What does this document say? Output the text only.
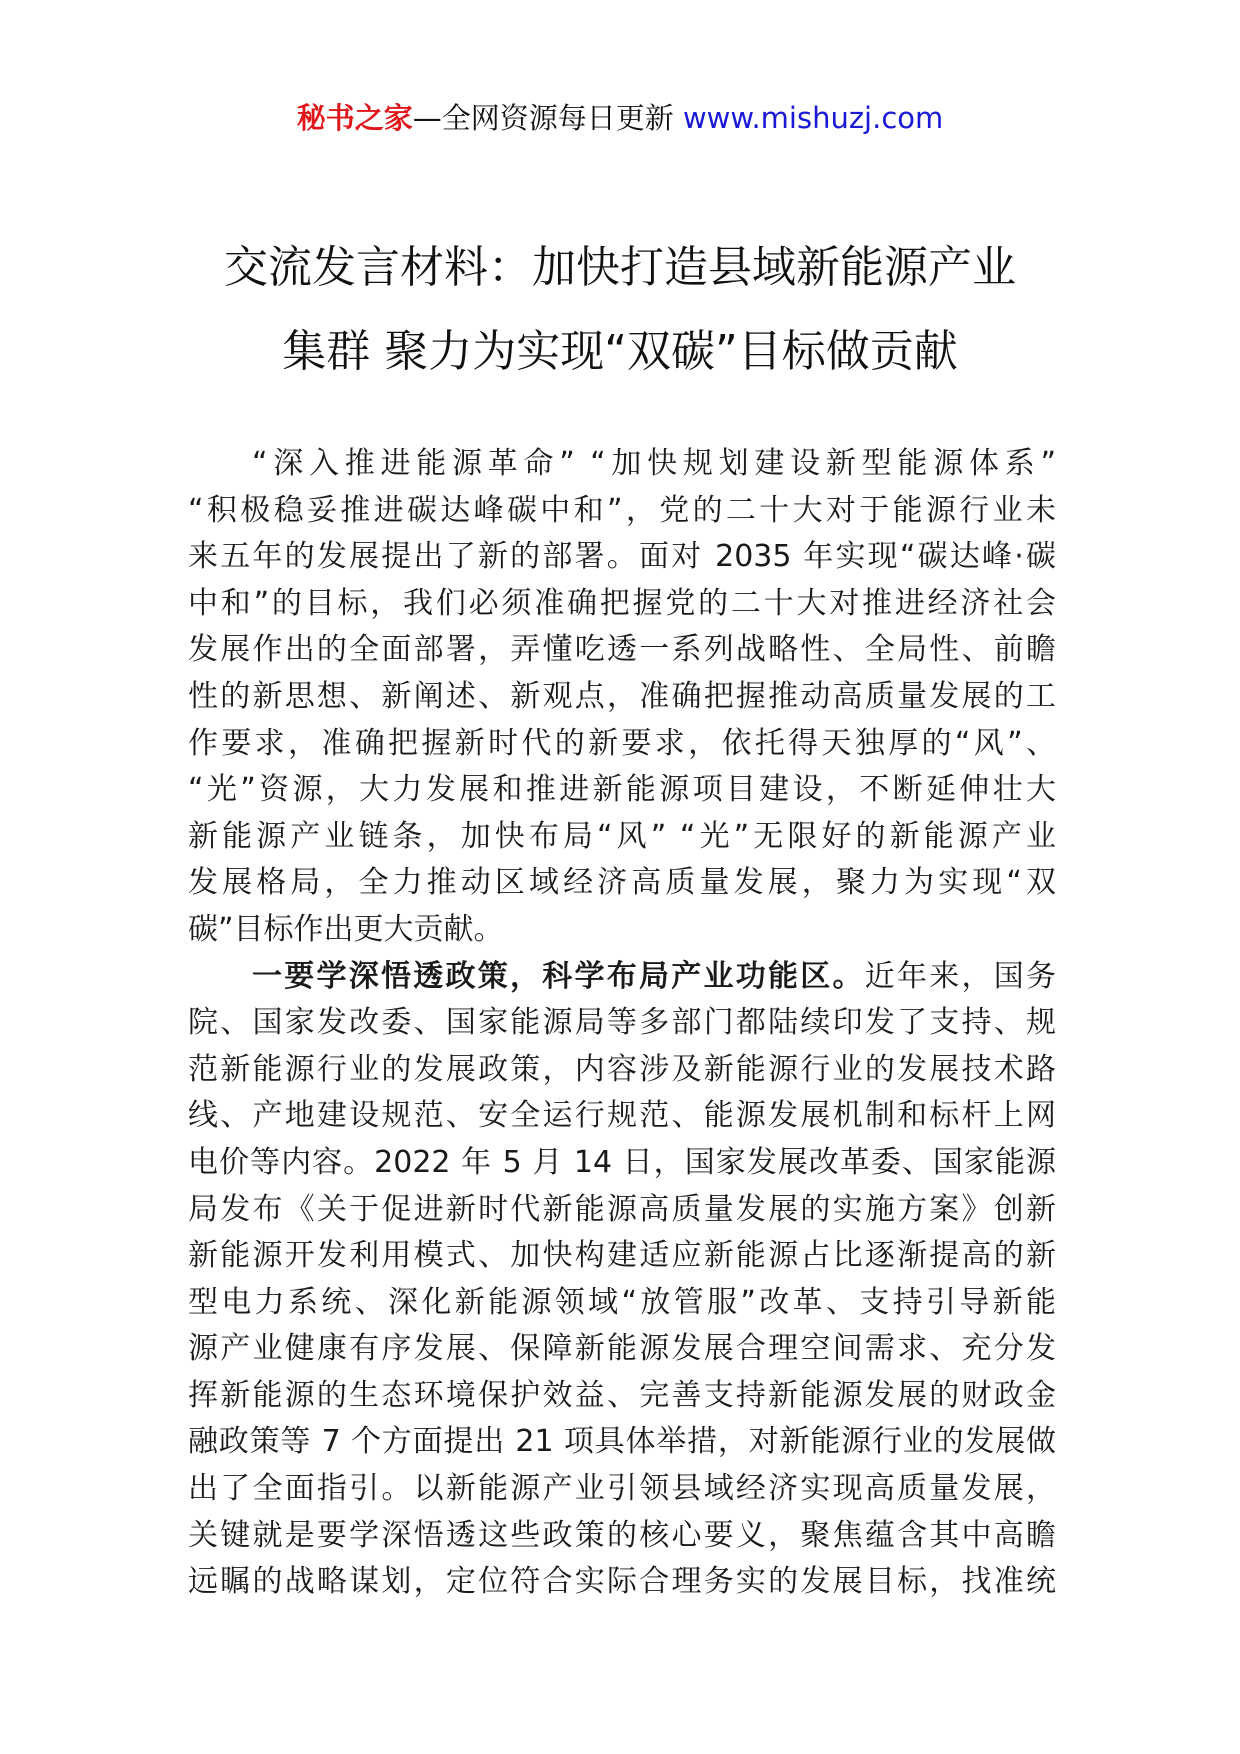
秘书之家—全网资源每日更新 www.mishuzj.com
交流发言材料：加快打造县域新能源产业
集群 聚力为实现“双碳”目标做贡献
“深入推进能源革命” “加快规划建设新型能源体系”
“积极稳妥推进碳达峰碳中和”，党的二十大对于能源行业未
来五年的发展提出了新的部署。面对 2035 年实现“碳达峰·碳
中和”的目标，我们必须准确把握党的二十大对推进经济社会
发展作出的全面部署，弄懂吃透一系列战略性、全局性、前瞻
性的新思想、新阐述、新观点，准确把握推动高质量发展的工
作要求，准确把握新时代的新要求，依托得天独厚的“风”、
“光”资源，大力发展和推进新能源项目建设，不断延伸壮大
新能源产业链条，加快布局“风” “光”无限好的新能源产业
发展格局，全力推动区域经济高质量发展，聚力为实现“双
碳”目标作出更大贡献。
一要学深悟透政策，科学布局产业功能区。近年来，国务
院、国家发改委、国家能源局等多部门都陆续印发了支持、规
范新能源行业的发展政策，内容涉及新能源行业的发展技术路
线、产地建设规范、安全运行规范、能源发展机制和标杆上网
电价等内容。2022 年 5 月 14 日，国家发展改革委、国家能源
局发布《关于促进新时代新能源高质量发展的实施方案》创新
新能源开发利用模式、加快构建适应新能源占比逐渐提高的新
型电力系统、深化新能源领域“放管服”改革、支持引导新能
源产业健康有序发展、保障新能源发展合理空间需求、充分发
挥新能源的生态环境保护效益、完善支持新能源发展的财政金
融政策等 7 个方面提出 21 项具体举措，对新能源行业的发展做
出了全面指引。以新能源产业引领县域经济实现高质量发展，
关键就是要学深悟透这些政策的核心要义，聚焦蕴含其中高瞻
远瞩的战略谋划，定位符合实际合理务实的发展目标，找准统
